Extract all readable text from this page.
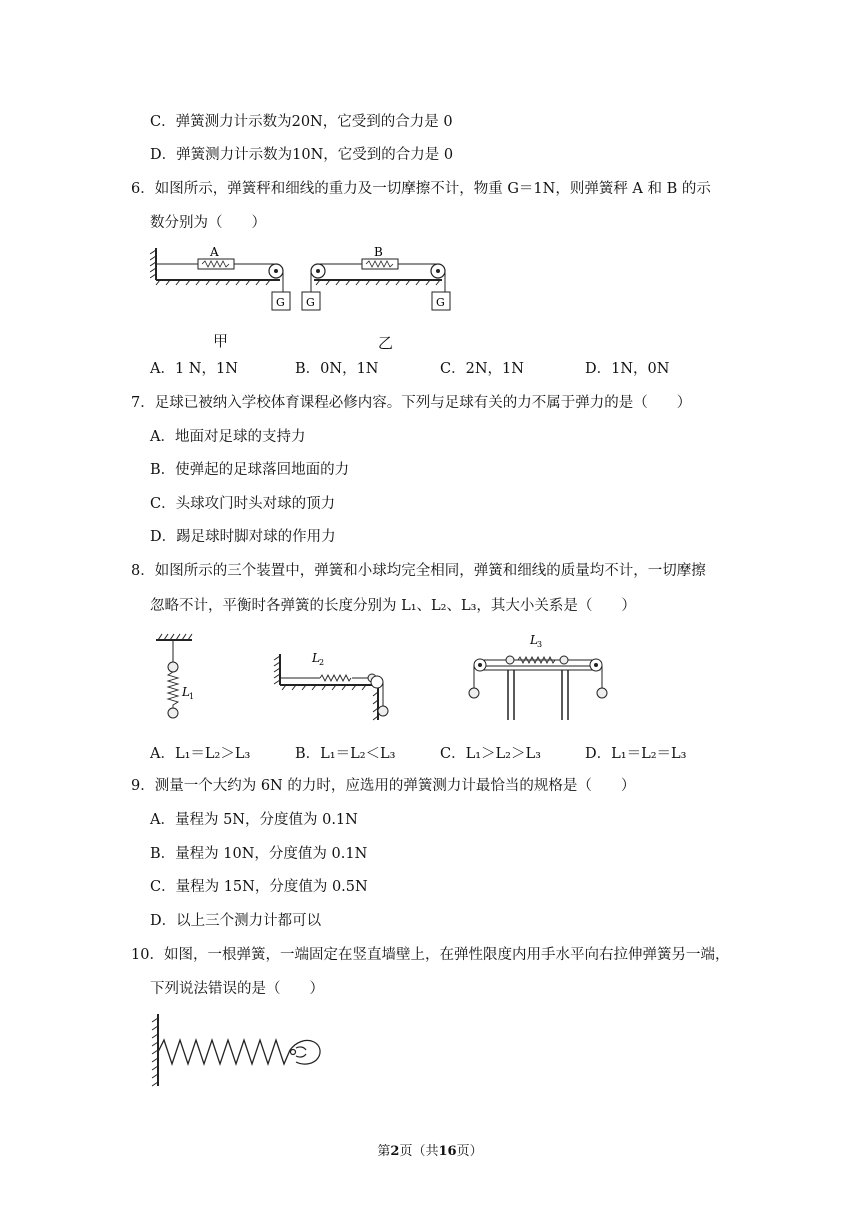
C．弹簧测力计示数为20N，它受到的合力是 0
D．弹簧测力计示数为10N，它受到的合力是 0
6．如图所示，弹簧秤和细线的重力及一切摩擦不计，物重 G＝1N，则弹簧秤 A 和 B 的示
数分别为（　　）
A
G
B
G	G
甲	乙
A．1 N，1N	B．0N，1N	C．2N，1N	D．1N，0N
7．足球已被纳入学校体育课程必修内容。下列与足球有关的力不属于弹力的是（　　）
A．地面对足球的支持力
B．使弹起的足球落回地面的力
C．头球攻门时头对球的顶力
D．踢足球时脚对球的作用力
8．如图所示的三个装置中，弹簧和小球均完全相同，弹簧和细线的质量均不计，一切摩擦
忽略不计，平衡时各弹簧的长度分别为 L₁、L₂、L₃，其大小关系是（　　）
L 1
L 2
L 3
A．L₁＝L₂＞L₃	B．L₁＝L₂＜L₃	C．L₁＞L₂＞L₃	D．L₁＝L₂＝L₃
9．测量一个大约为 6N 的力时，应选用的弹簧测力计最恰当的规格是（　　）
A．量程为 5N，分度值为 0.1N
B．量程为 10N，分度值为 0.1N
C．量程为 15N，分度值为 0.5N
D．以上三个测力计都可以
10．如图，一根弹簧，一端固定在竖直墙壁上，在弹性限度内用手水平向右拉伸弹簧另一端，
下列说法错误的是（　　）
第2页（共16页）
